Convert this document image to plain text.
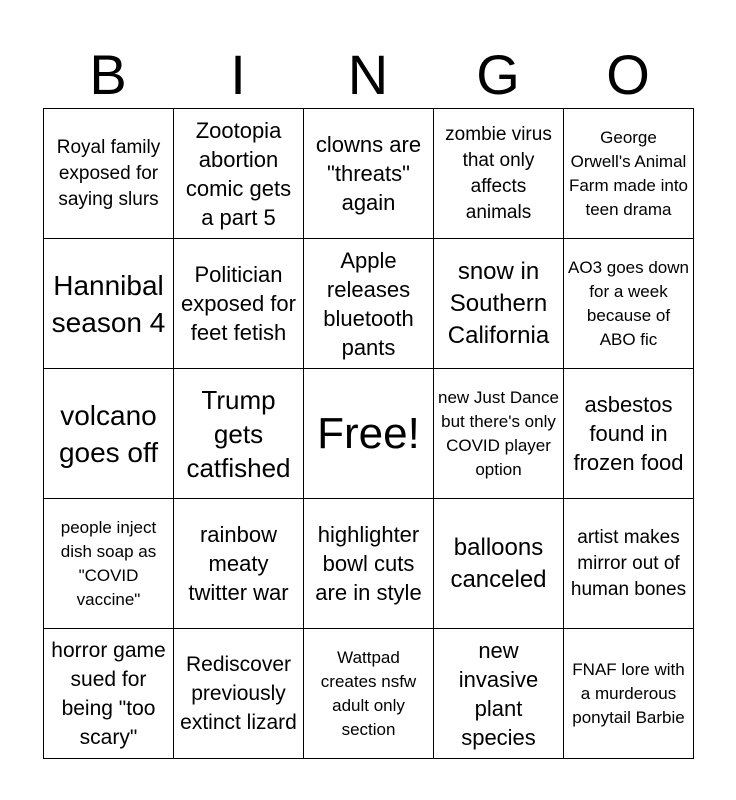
B	I	N	G	O
Royal family exposed for saying slurs	Zootopia abortion comic gets a part 5	clowns are "threats" again	zombie virus that only affects animals	George Orwell's Animal Farm made into teen drama
Hannibal season 4	Politician exposed for feet fetish	Apple releases bluetooth pants	snow in Southern California	AO3 goes down for a week because of ABO fic
volcano goes off	Trump gets catfished	Free!	new Just Dance but there's only COVID player option	asbestos found in frozen food
people inject dish soap as "COVID vaccine"	rainbow meaty twitter war	highlighter bowl cuts are in style	balloons canceled	artist makes mirror out of human bones
horror game sued for being "too scary"	Rediscover previously extinct lizard	Wattpad creates nsfw adult only section	new invasive plant species	FNAF lore with a murderous ponytail Barbie
